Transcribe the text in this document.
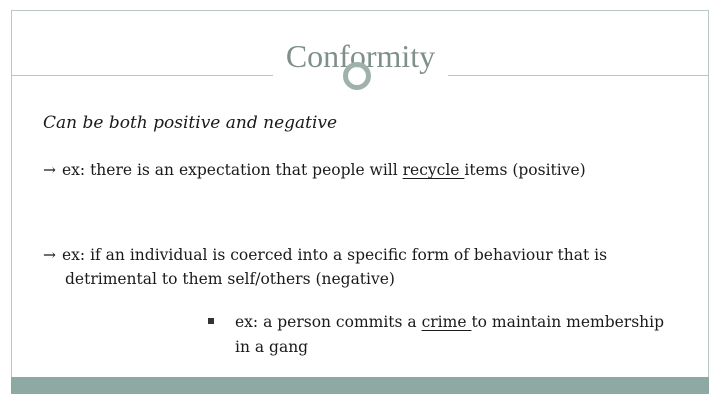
Conformity
Can be both positive and negative
→ ex: there is an expectation that people will recycle items (positive)
→ ex: if an individual is coerced into a specific form of behaviour that is
detrimental to them self/others (negative)
ex: a person commits a crime to maintain membership
in a gang
